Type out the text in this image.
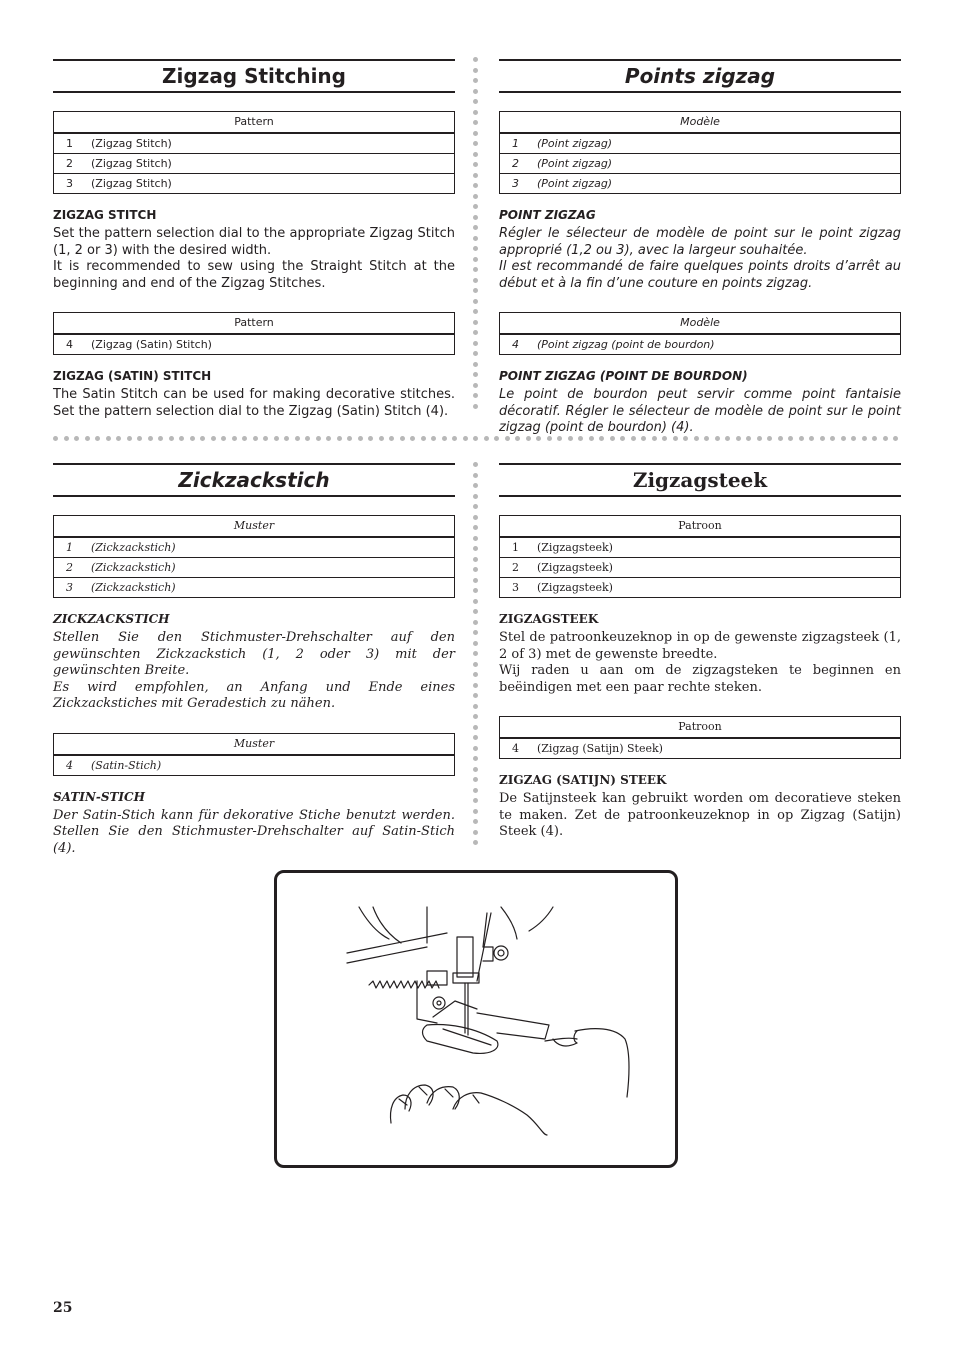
Zigzag Stitching
Pattern
1	(Zigzag Stitch)
2	(Zigzag Stitch)
3	(Zigzag Stitch)
ZIGZAG STITCH
Set the pattern selection dial to the appropriate Zigzag Stitch (1, 2 or 3) with the desired width.
It is recommended to sew using the Straight Stitch at the beginning and end of the Zigzag Stitches.
Pattern
4	(Zigzag (Satin) Stitch)
ZIGZAG (SATIN) STITCH
The Satin Stitch can be used for making decorative stitches. Set the pattern selection dial to the Zigzag (Satin) Stitch (4).
Points zigzag
Modèle
1	(Point zigzag)
2	(Point zigzag)
3	(Point zigzag)
POINT ZIGZAG
Régler le sélecteur de modèle de point sur le point zigzag approprié (1,2 ou 3), avec la largeur souhaitée.
Il est recommandé de faire quelques points droits d’arrêt au début et à la fin d’une couture en points zigzag.
Modèle
4	(Point zigzag (point de bourdon)
POINT ZIGZAG (POINT DE BOURDON)
Le point de bourdon peut servir comme point fantaisie décoratif. Régler le sélecteur de modèle de point sur le point zigzag (point de bourdon) (4).
Zickzackstich
Muster
1	(Zickzackstich)
2	(Zickzackstich)
3	(Zickzackstich)
ZICKZACKSTICH
Stellen Sie den Stichmuster-Drehschalter auf den gewünschten Zickzackstich (1, 2 oder 3) mit der gewünschten Breite.
Es wird empfohlen, an Anfang und Ende eines Zickzackstiches mit Geradestich zu nähen.
Muster
4	(Satin-Stich)
SATIN-STICH
Der Satin-Stich kann für dekorative Stiche benutzt werden. Stellen Sie den Stichmuster-Drehschalter auf Satin-Stich (4).
Zigzagsteek
Patroon
1	(Zigzagsteek)
2	(Zigzagsteek)
3	(Zigzagsteek)
ZIGZAGSTEEK
Stel de patroonkeuzeknop in op de gewenste zigzagsteek (1, 2 of 3) met de gewenste breedte.
Wij raden u aan om de zigzagsteken te beginnen en beëindigen met een paar rechte steken.
Patroon
4	(Zigzag (Satijn) Steek)
ZIGZAG (SATIJN) STEEK
De Satijnsteek kan gebruikt worden om decoratieve steken te maken. Zet de patroonkeuzeknop in op Zigzag (Satijn) Steek (4).
25
